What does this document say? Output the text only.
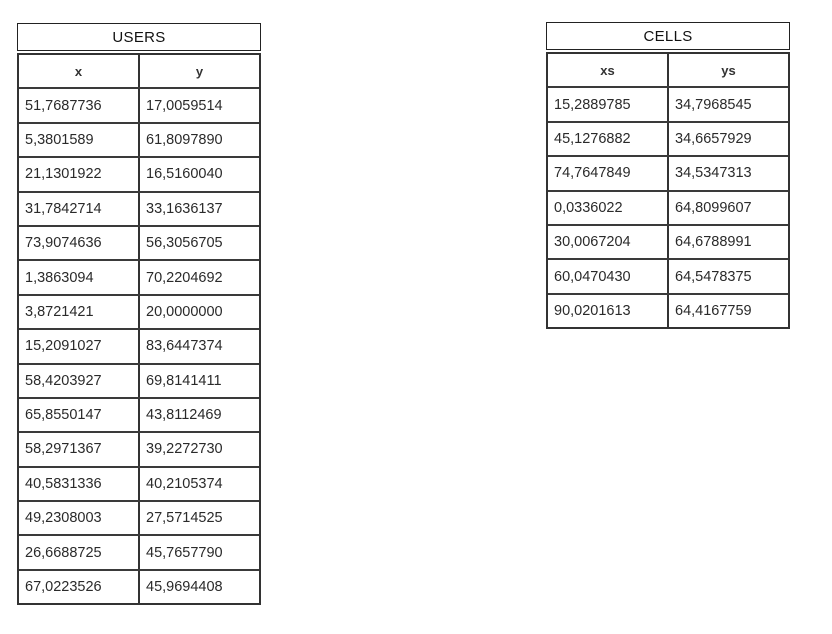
USERS
x	y
51,7687736	17,0059514
5,3801589	61,8097890
21,1301922	16,5160040
31,7842714	33,1636137
73,9074636	56,3056705
1,3863094	70,2204692
3,8721421	20,0000000
15,2091027	83,6447374
58,4203927	69,8141411
65,8550147	43,8112469
58,2971367	39,2272730
40,5831336	40,2105374
49,2308003	27,5714525
26,6688725	45,7657790
67,0223526	45,9694408
CELLS
xs	ys
15,2889785	34,7968545
45,1276882	34,6657929
74,7647849	34,5347313
0,0336022	64,8099607
30,0067204	64,6788991
60,0470430	64,5478375
90,0201613	64,4167759
